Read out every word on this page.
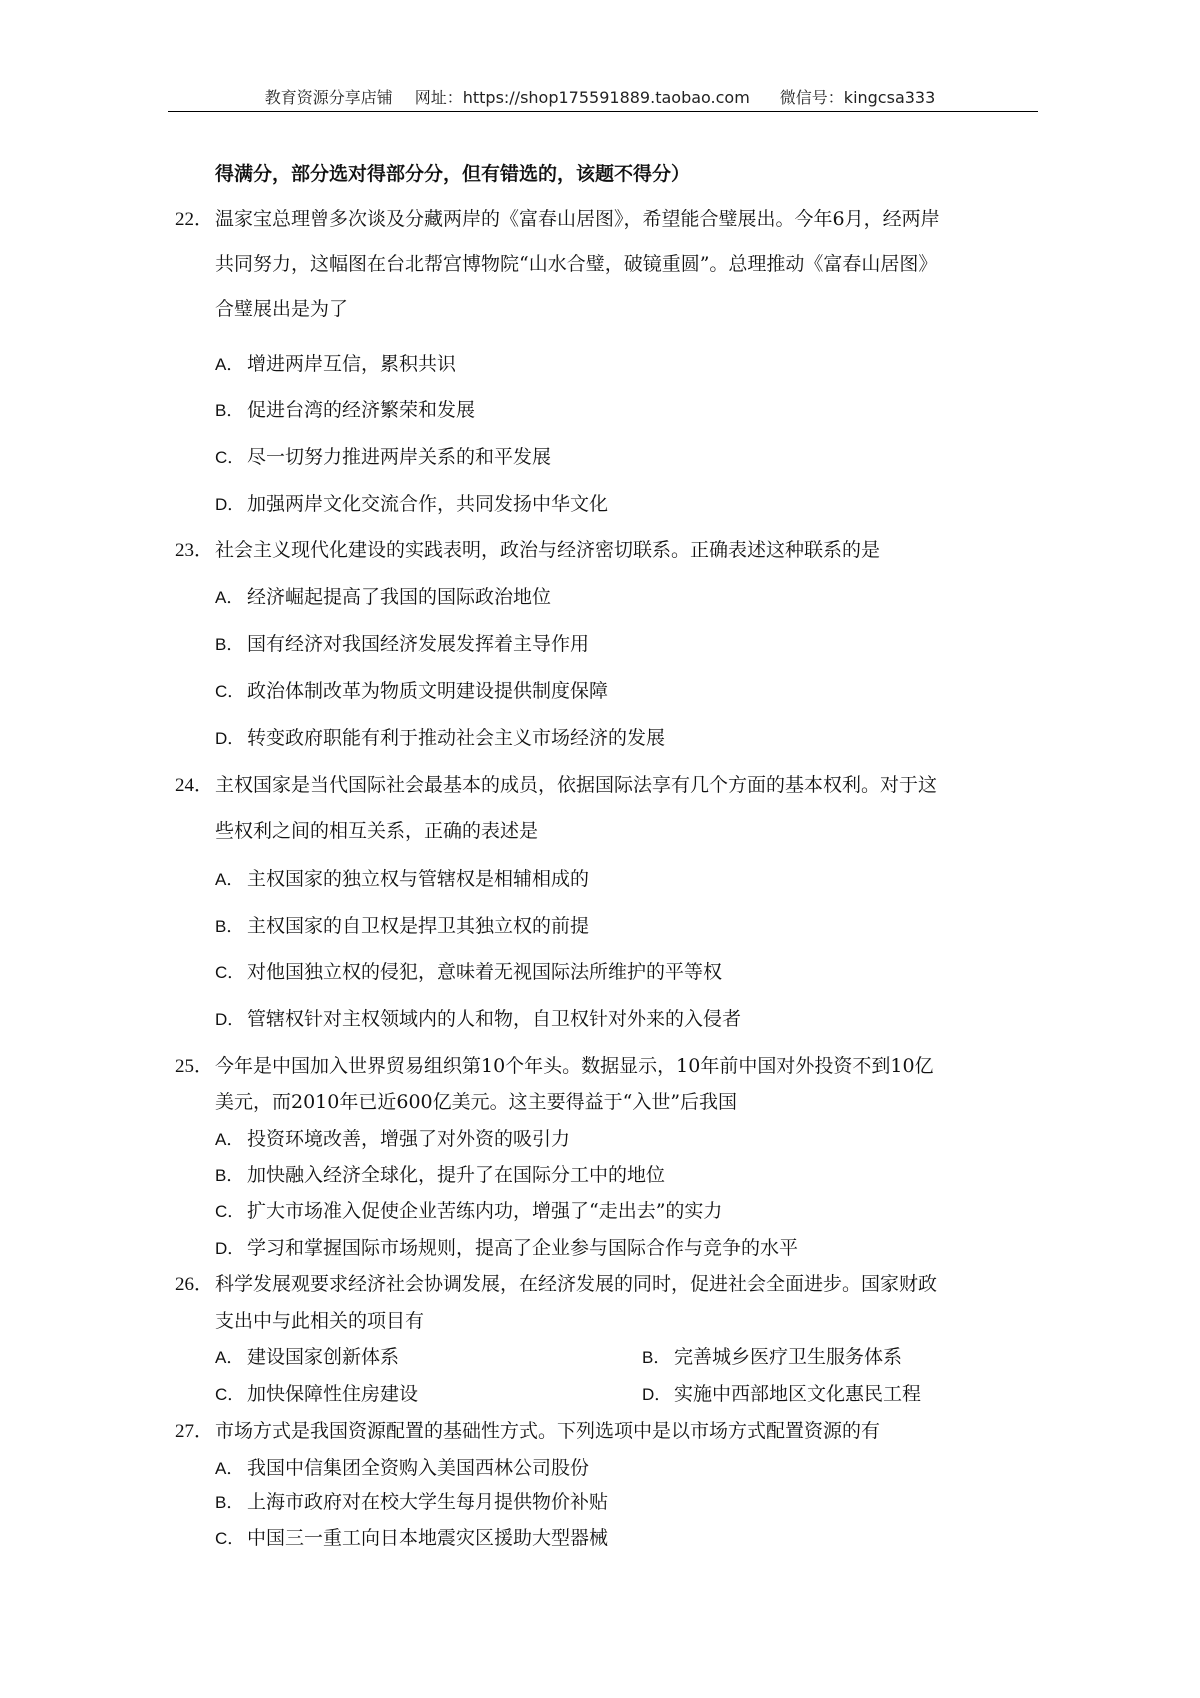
教育资源分享店铺 网址：https://shop175591889.taobao.com 微信号：kingcsa333
得满分，部分选对得部分分，但有错选的，该题不得分）
22． 温家宝总理曾多次谈及分藏两岸的《富春山居图》，希望能合璧展出。今年6月，经两岸
共同努力，这幅图在台北帮宫博物院“山水合璧，破镜重圆”。总理推动《富春山居图》
合璧展出是为了
A． 增进两岸互信，累积共识
B． 促进台湾的经济繁荣和发展
C． 尽一切努力推进两岸关系的和平发展
D． 加强两岸文化交流合作，共同发扬中华文化
23． 社会主义现代化建设的实践表明，政治与经济密切联系。正确表述这种联系的是
A． 经济崛起提高了我国的国际政治地位
B． 国有经济对我国经济发展发挥着主导作用
C． 政治体制改革为物质文明建设提供制度保障
D． 转变政府职能有利于推动社会主义市场经济的发展
24． 主权国家是当代国际社会最基本的成员，依据国际法享有几个方面的基本权利。对于这
些权利之间的相互关系，正确的表述是
A． 主权国家的独立权与管辖权是相辅相成的
B． 主权国家的自卫权是捍卫其独立权的前提
C． 对他国独立权的侵犯，意味着无视国际法所维护的平等权
D． 管辖权针对主权领域内的人和物，自卫权针对外来的入侵者
25． 今年是中国加入世界贸易组织第10个年头。数据显示，10年前中国对外投资不到10亿
美元，而2010年已近600亿美元。这主要得益于“入世”后我国
A． 投资环境改善，增强了对外资的吸引力
B． 加快融入经济全球化，提升了在国际分工中的地位
C． 扩大市场准入促使企业苦练内功，增强了“走出去”的实力
D． 学习和掌握国际市场规则，提高了企业参与国际合作与竞争的水平
26． 科学发展观要求经济社会协调发展，在经济发展的同时，促进社会全面进步。国家财政
支出中与此相关的项目有
A． 建设国家创新体系	B． 完善城乡医疗卫生服务体系
C． 加快保障性住房建设	D． 实施中西部地区文化惠民工程
27． 市场方式是我国资源配置的基础性方式。下列选项中是以市场方式配置资源的有
A． 我国中信集团全资购入美国西林公司股份
B． 上海市政府对在校大学生每月提供物价补贴
C． 中国三一重工向日本地震灾区援助大型器械
